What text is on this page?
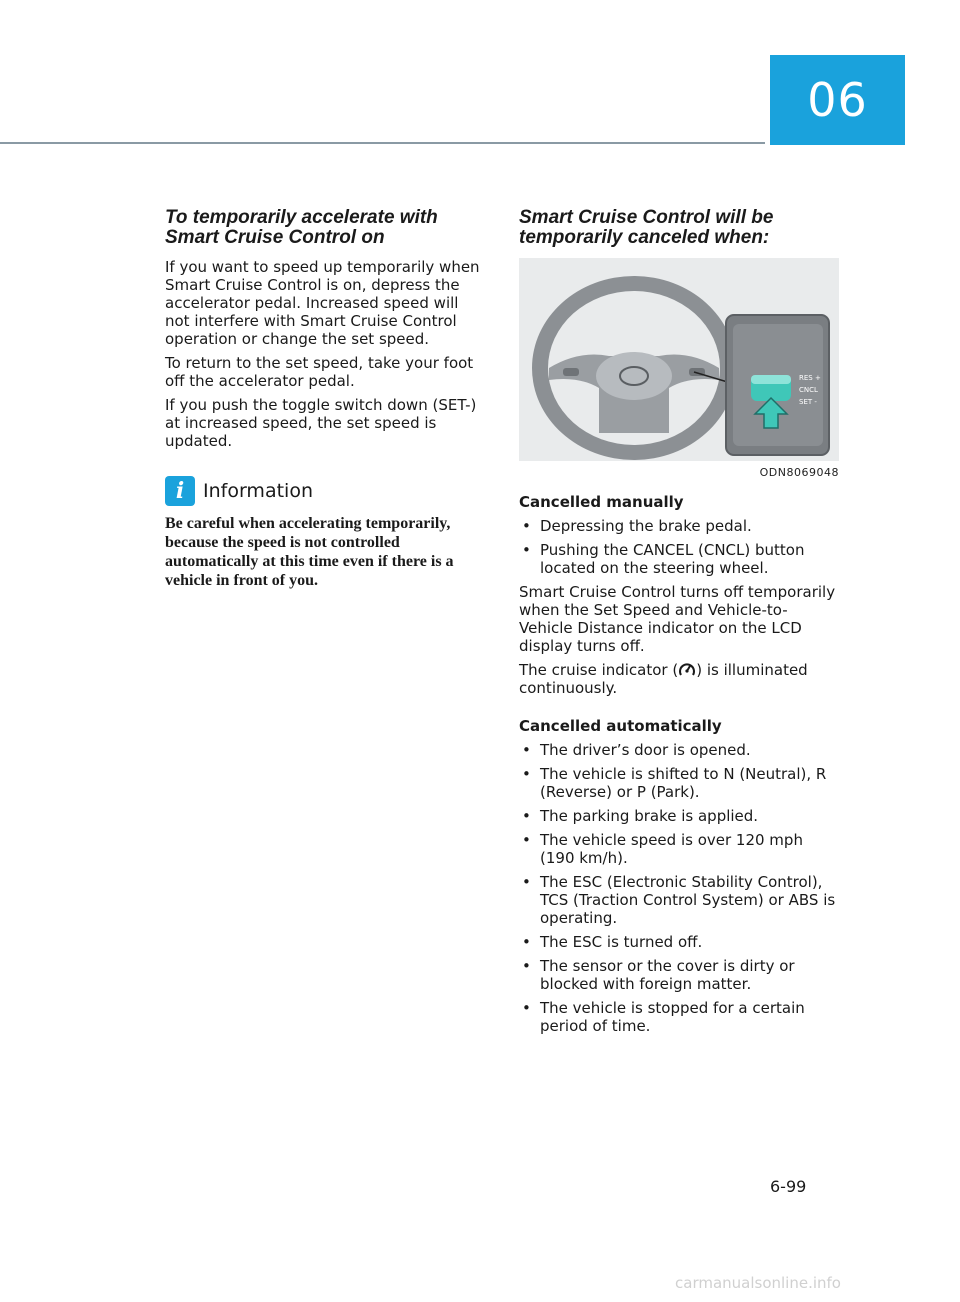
06
To temporarily accelerate with Smart Cruise Control on

If you want to speed up temporarily when Smart Cruise Control is on, depress the accelerator pedal. Increased speed will not interfere with Smart Cruise Control operation or change the set speed.

To return to the set speed, take your foot off the accelerator pedal.

If you push the toggle switch down (SET-) at increased speed, the set speed is updated.

i Information
Be careful when accelerating temporarily, because the speed is not controlled automatically at this time even if there is a vehicle in front of you.
Smart Cruise Control will be temporarily canceled when:
RES +
CNCL
SET -
ODN8069048
Cancelled manually
• Depressing the brake pedal.
• Pushing the CANCEL (CNCL) button located on the steering wheel.

Smart Cruise Control turns off temporarily when the Set Speed and Vehicle-to-Vehicle Distance indicator on the LCD display turns off.

The cruise indicator ( ) is illuminated continuously.

Cancelled automatically
• The driver’s door is opened.
• The vehicle is shifted to N (Neutral), R (Reverse) or P (Park).
• The parking brake is applied.
• The vehicle speed is over 120 mph (190 km/h).
• The ESC (Electronic Stability Control), TCS (Traction Control System) or ABS is operating.
• The ESC is turned off.
• The sensor or the cover is dirty or blocked with foreign matter.
• The vehicle is stopped for a certain period of time.
6-99
carmanualsonline.info
